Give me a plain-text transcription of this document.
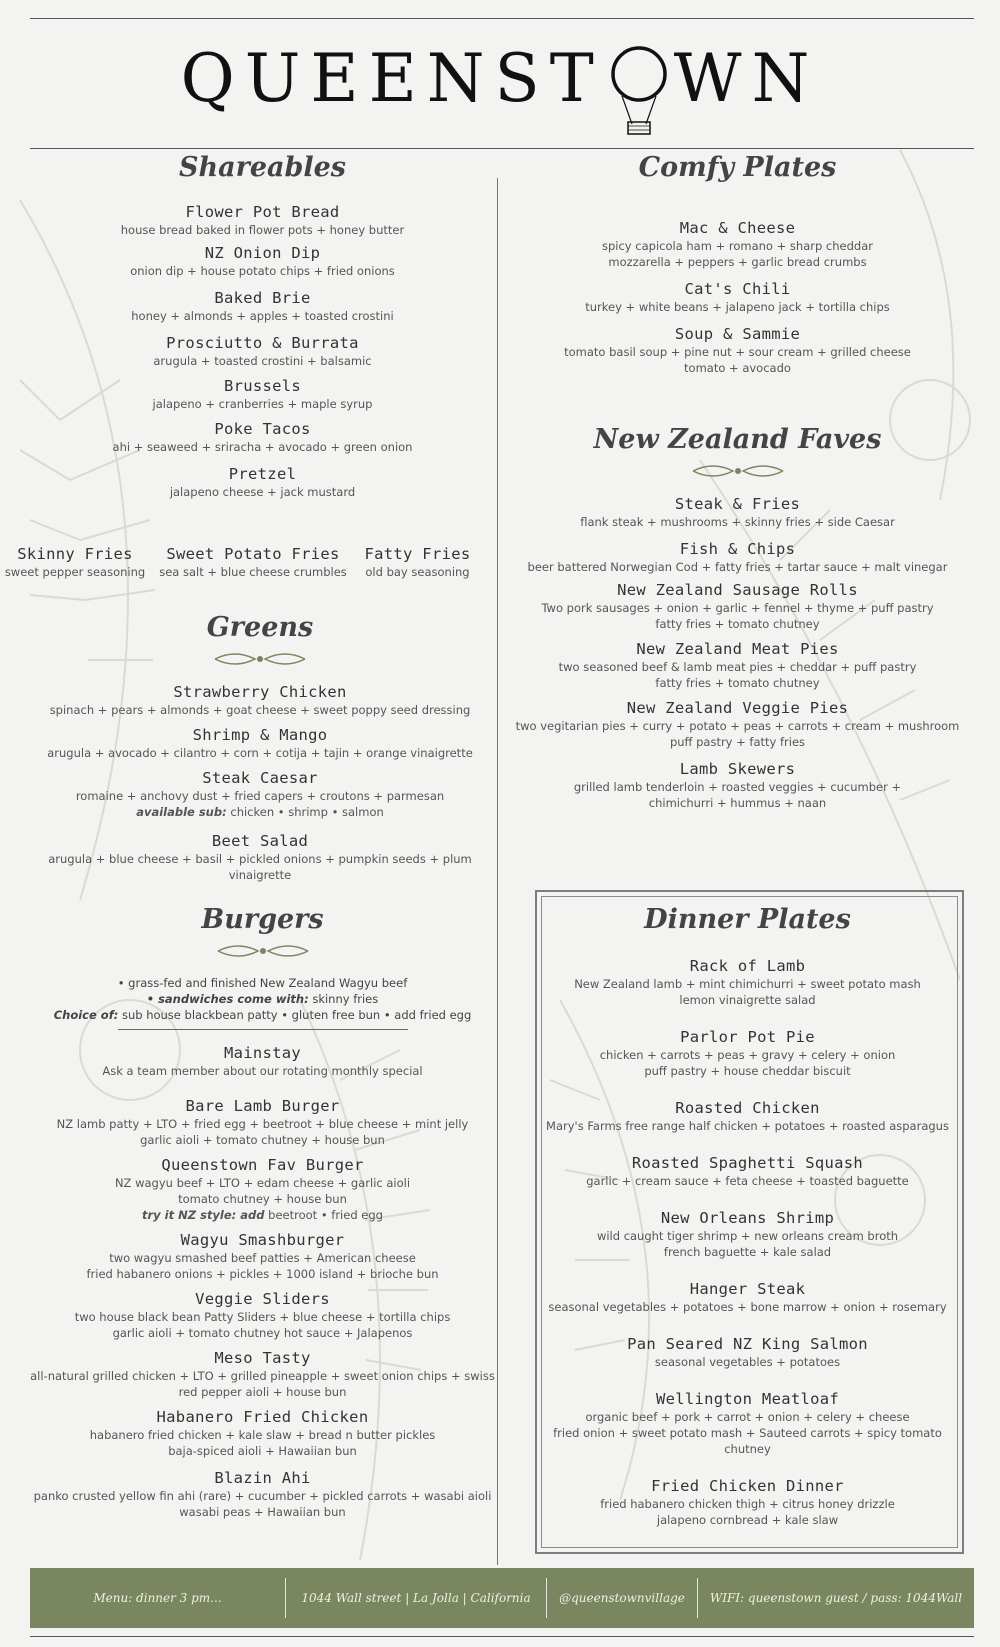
QUEENST WN
Shareables
Flower Pot Bread
house bread baked in flower pots + honey butter
NZ Onion Dip
onion dip + house potato chips + fried onions
Baked Brie
honey + almonds + apples + toasted crostini
Prosciutto & Burrata
arugula + toasted crostini + balsamic
Brussels
jalapeno + cranberries + maple syrup
Poke Tacos
ahi + seaweed + sriracha + avocado + green onion
Pretzel
jalapeno cheese + jack mustard
Skinny Fries
sweet pepper seasoning
Sweet Potato Fries
sea salt + blue cheese crumbles
Fatty Fries
old bay seasoning
Greens
Strawberry Chicken
spinach + pears + almonds + goat cheese + sweet poppy seed dressing
Shrimp & Mango
arugula + avocado + cilantro + corn + cotija + tajin + orange vinaigrette
Steak Caesar
romaine + anchovy dust + fried capers + croutons + parmesan
available sub: chicken • shrimp • salmon
Beet Salad
arugula + blue cheese + basil + pickled onions + pumpkin seeds + plum vinaigrette
Burgers
• grass-fed and finished New Zealand Wagyu beef
• sandwiches come with: skinny fries
Choice of: sub house blackbean patty • gluten free bun • add fried egg
Mainstay
Ask a team member about our rotating monthly special
Bare Lamb Burger
NZ lamb patty + LTO + fried egg + beetroot + blue cheese + mint jelly
garlic aioli + tomato chutney + house bun
Queenstown Fav Burger
NZ wagyu beef + LTO + edam cheese + garlic aioli
tomato chutney + house bun
try it NZ style: add beetroot • fried egg
Wagyu Smashburger
two wagyu smashed beef patties + American cheese
fried habanero onions + pickles + 1000 island + brioche bun
Veggie Sliders
two house black bean Patty Sliders + blue cheese + tortilla chips
garlic aioli + tomato chutney hot sauce + Jalapenos
Meso Tasty
all-natural grilled chicken + LTO + grilled pineapple + sweet onion chips + swiss
red pepper aioli + house bun
Habanero Fried Chicken
habanero fried chicken + kale slaw + bread n butter pickles
baja-spiced aioli + Hawaiian bun
Blazin Ahi
panko crusted yellow fin ahi (rare) + cucumber + pickled carrots + wasabi aioli
wasabi peas + Hawaiian bun
Comfy Plates
Mac & Cheese
spicy capicola ham + romano + sharp cheddar
mozzarella + peppers + garlic bread crumbs
Cat's Chili
turkey + white beans + jalapeno jack + tortilla chips
Soup & Sammie
tomato basil soup + pine nut + sour cream + grilled cheese
tomato + avocado
New Zealand Faves
Steak & Fries
flank steak + mushrooms + skinny fries + side Caesar
Fish & Chips
beer battered Norwegian Cod + fatty fries + tartar sauce + malt vinegar
New Zealand Sausage Rolls
Two pork sausages + onion + garlic + fennel + thyme + puff pastry
fatty fries + tomato chutney
New Zealand Meat Pies
two seasoned beef & lamb meat pies + cheddar + puff pastry
fatty fries + tomato chutney
New Zealand Veggie Pies
two vegitarian pies + curry + potato + peas + carrots + cream + mushroom
puff pastry + fatty fries
Lamb Skewers
grilled lamb tenderloin + roasted veggies + cucumber +
chimichurri + hummus + naan
Dinner Plates
Rack of Lamb
New Zealand lamb + mint chimichurri + sweet potato mash
lemon vinaigrette salad
Parlor Pot Pie
chicken + carrots + peas + gravy + celery + onion
puff pastry + house cheddar biscuit
Roasted Chicken
Mary's Farms free range half chicken + potatoes + roasted asparagus
Roasted Spaghetti Squash
garlic + cream sauce + feta cheese + toasted baguette
New Orleans Shrimp
wild caught tiger shrimp + new orleans cream broth
french baguette + kale salad
Hanger Steak
seasonal vegetables + potatoes + bone marrow + onion + rosemary
Pan Seared NZ King Salmon
seasonal vegetables + potatoes
Wellington Meatloaf
organic beef + pork + carrot + onion + celery + cheese
fried onion + sweet potato mash + Sauteed carrots + spicy tomato chutney
Fried Chicken Dinner
fried habanero chicken thigh + citrus honey drizzle
jalapeno cornbread + kale slaw
Menu: dinner 3 pm...	1044 Wall street | La Jolla | California	@queenstownvillage	WIFI: queenstown guest / pass: 1044Wall
